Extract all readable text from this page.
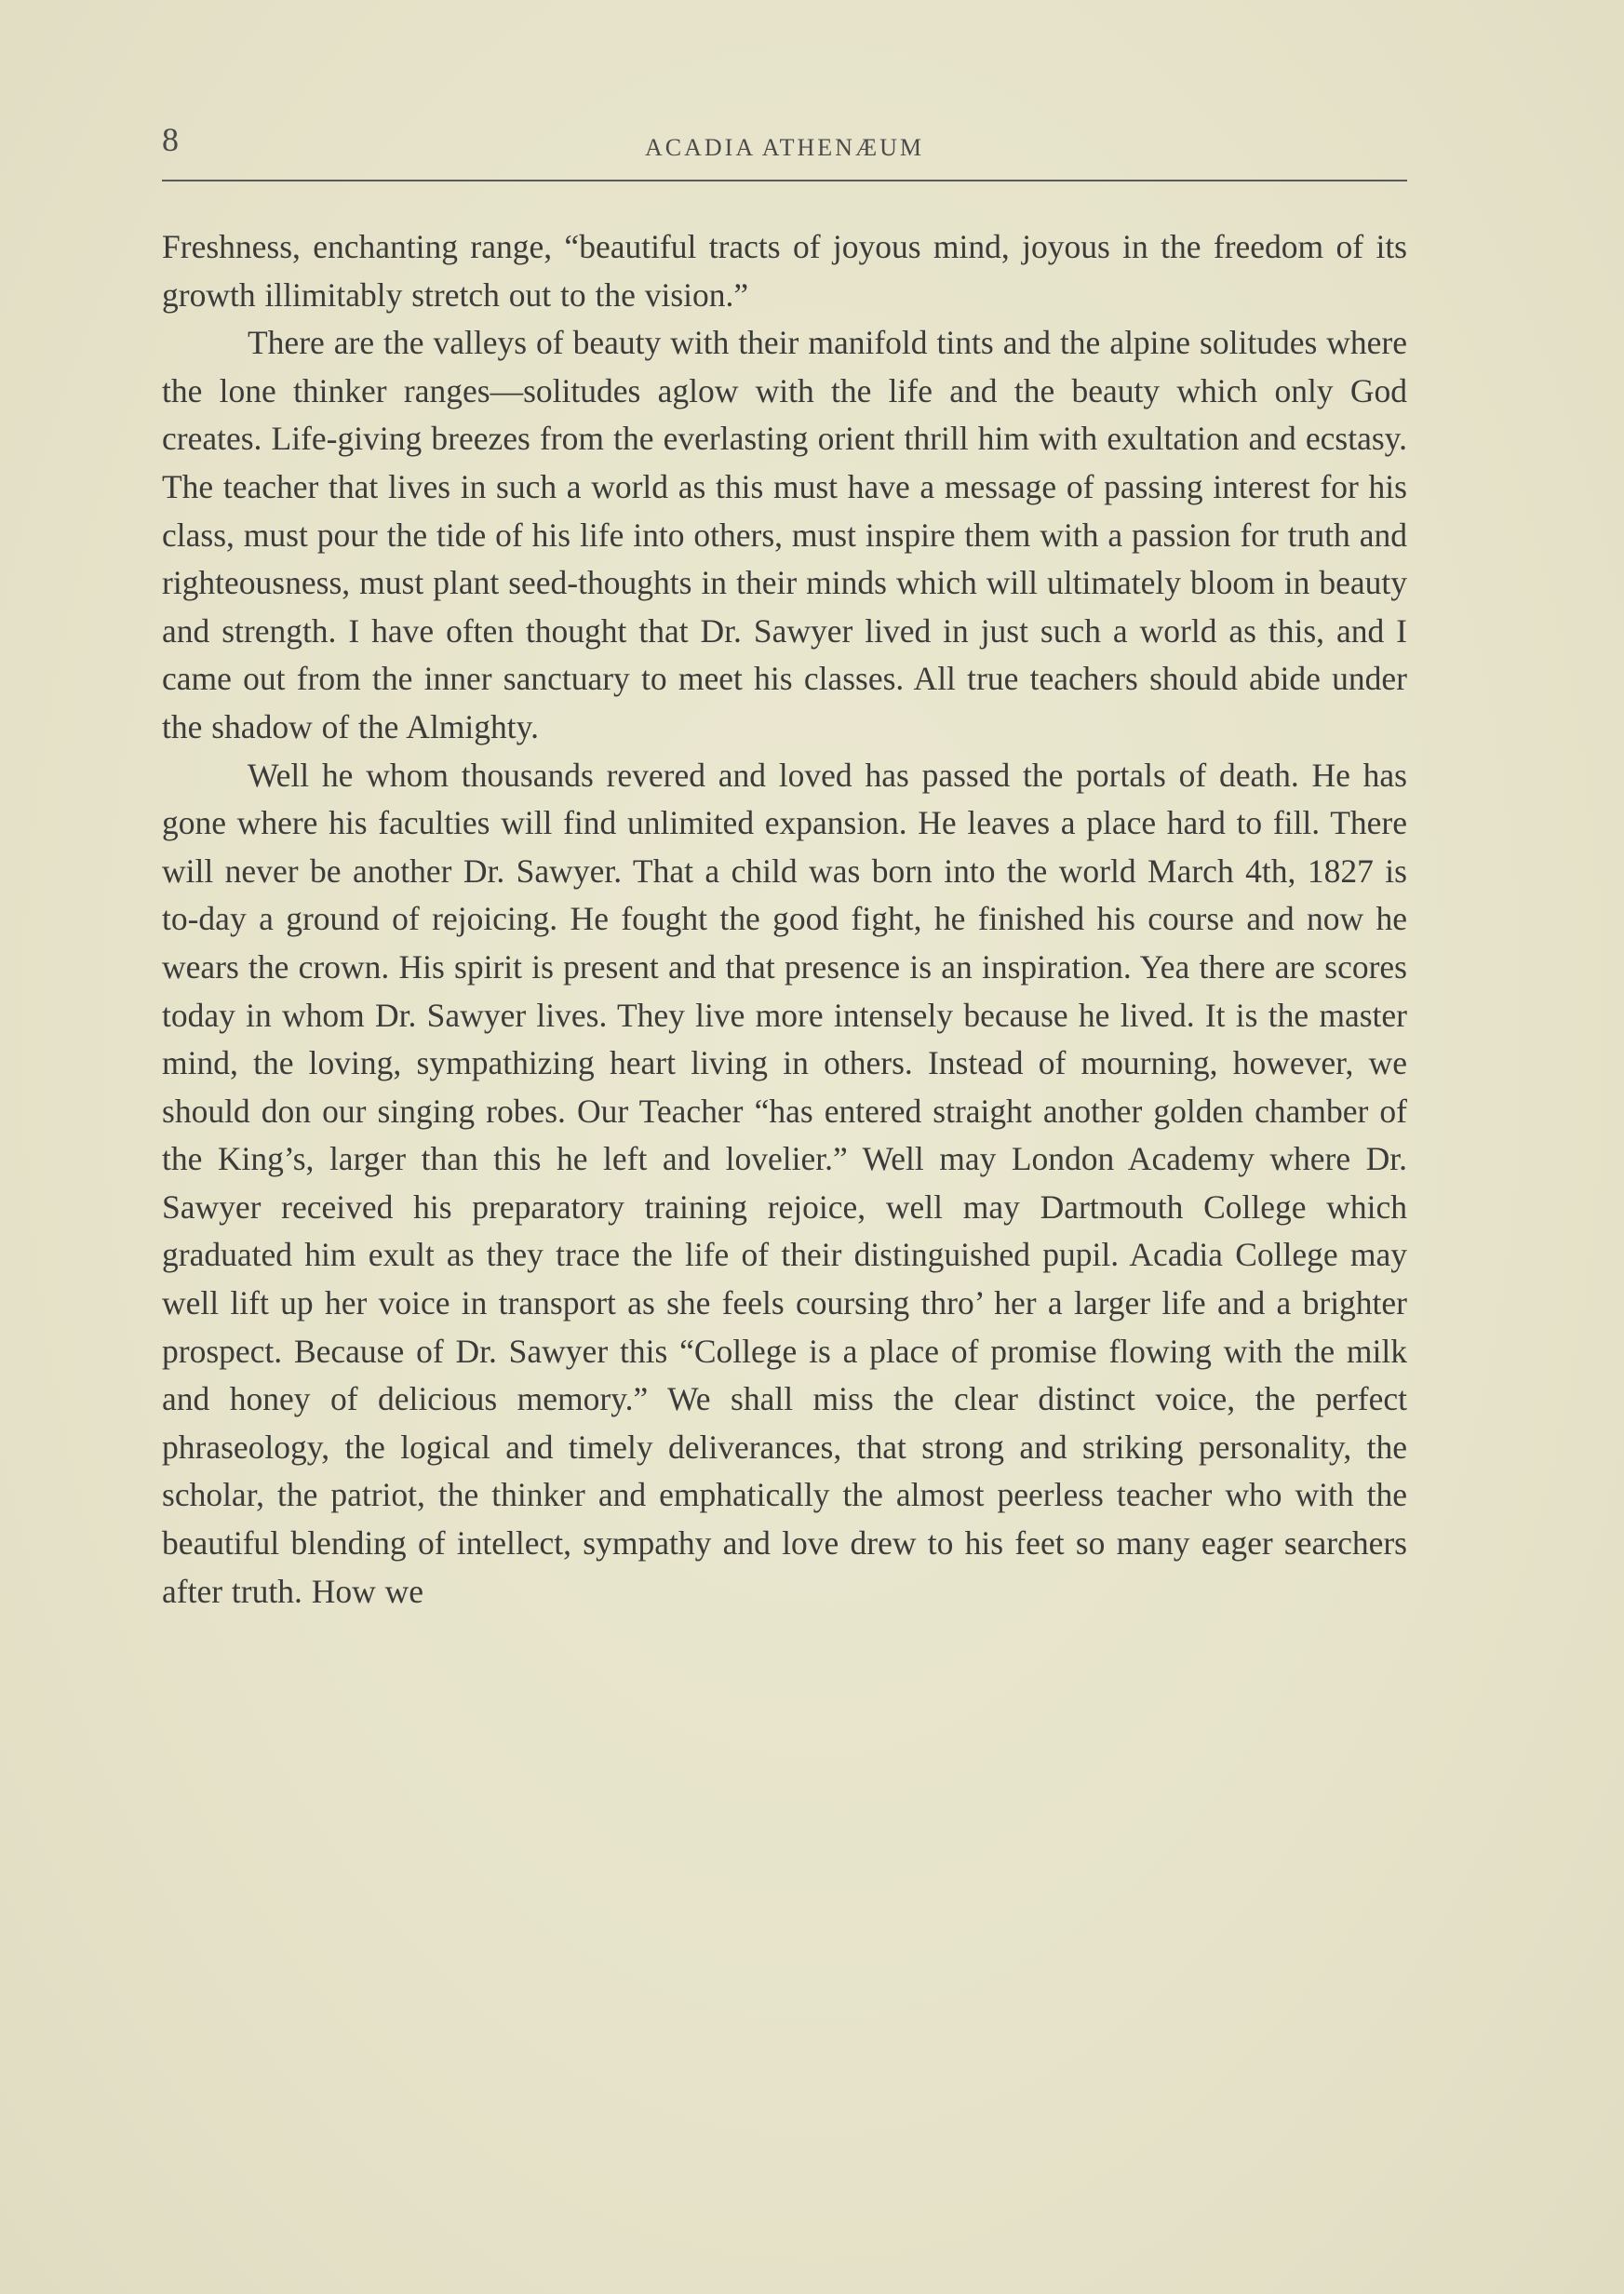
8	ACADIA ATHENÆUM

Freshness, enchanting range, “beautiful tracts of joyous mind, joyous in the freedom of its growth illimitably stretch out to the vision.”

There are the valleys of beauty with their manifold tints and the alpine solitudes where the lone thinker ranges—solitudes aglow with the life and the beauty which only God creates. Life-giving breezes from the everlasting orient thrill him with exultation and ecstasy. The teacher that lives in such a world as this must have a message of passing interest for his class, must pour the tide of his life into others, must inspire them with a passion for truth and righteousness, must plant seed-thoughts in their minds which will ultimately bloom in beauty and strength. I have often thought that Dr. Sawyer lived in just such a world as this, and I came out from the inner sanctuary to meet his classes. All true teachers should abide under the shadow of the Almighty.

Well he whom thousands revered and loved has passed the portals of death. He has gone where his faculties will find unlimited expansion. He leaves a place hard to fill. There will never be another Dr. Sawyer. That a child was born into the world March 4th, 1827 is to-day a ground of rejoicing. He fought the good fight, he finished his course and now he wears the crown. His spirit is present and that presence is an inspiration. Yea there are scores today in whom Dr. Sawyer lives. They live more intensely because he lived. It is the master mind, the loving, sympathizing heart living in others. Instead of mourning, however, we should don our singing robes. Our Teacher “has entered straight another golden chamber of the King’s, larger than this he left and lovelier.” Well may London Academy where Dr. Sawyer received his preparatory training rejoice, well may Dartmouth College which graduated him exult as they trace the life of their distinguished pupil. Acadia College may well lift up her voice in transport as she feels coursing thro’ her a larger life and a brighter prospect. Because of Dr. Sawyer this “College is a place of promise flowing with the milk and honey of delicious memory.” We shall miss the clear distinct voice, the perfect phraseology, the logical and timely deliverances, that strong and striking personality, the scholar, the patriot, the thinker and emphatically the almost peerless teacher who with the beautiful blending of intellect, sympathy and love drew to his feet so many eager searchers after truth. How we
